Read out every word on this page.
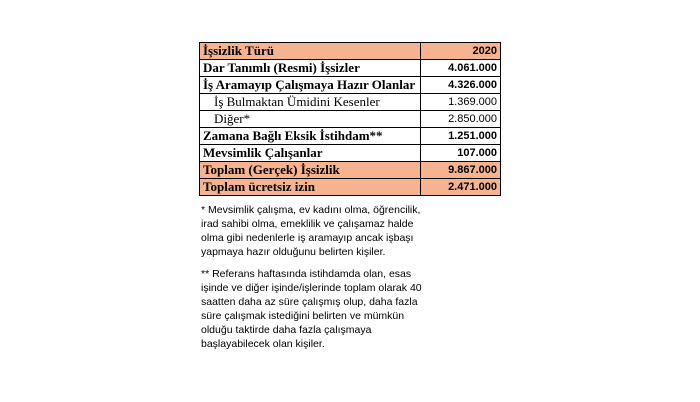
İşsizlik Türü	2020
Dar Tanımlı (Resmi) İşsizler	4.061.000
İş Aramayıp Çalışmaya Hazır Olanlar	4.326.000
İş Bulmaktan Ümidini Kesenler	1.369.000
Diğer*	2.850.000
Zamana Bağlı Eksik İstihdam**	1.251.000
Mevsimlik Çalışanlar	107.000
Toplam (Gerçek) İşsizlik	9.867.000
Toplam ücretsiz izin	2.471.000

* Mevsimlik çalışma, ev kadını olma, öğrencilik, irad sahibi olma, emeklilik ve çalışamaz halde olma gibi nedenlerle iş aramayıp ancak işbaşı yapmaya hazır olduğunu belirten kişiler.

** Referans haftasında istihdamda olan, esas işinde ve diğer işinde/işlerinde toplam olarak 40 saatten daha az süre çalışmış olup, daha fazla süre çalışmak istediğini belirten ve mümkün olduğu taktirde daha fazla çalışmaya başlayabilecek olan kişiler.
